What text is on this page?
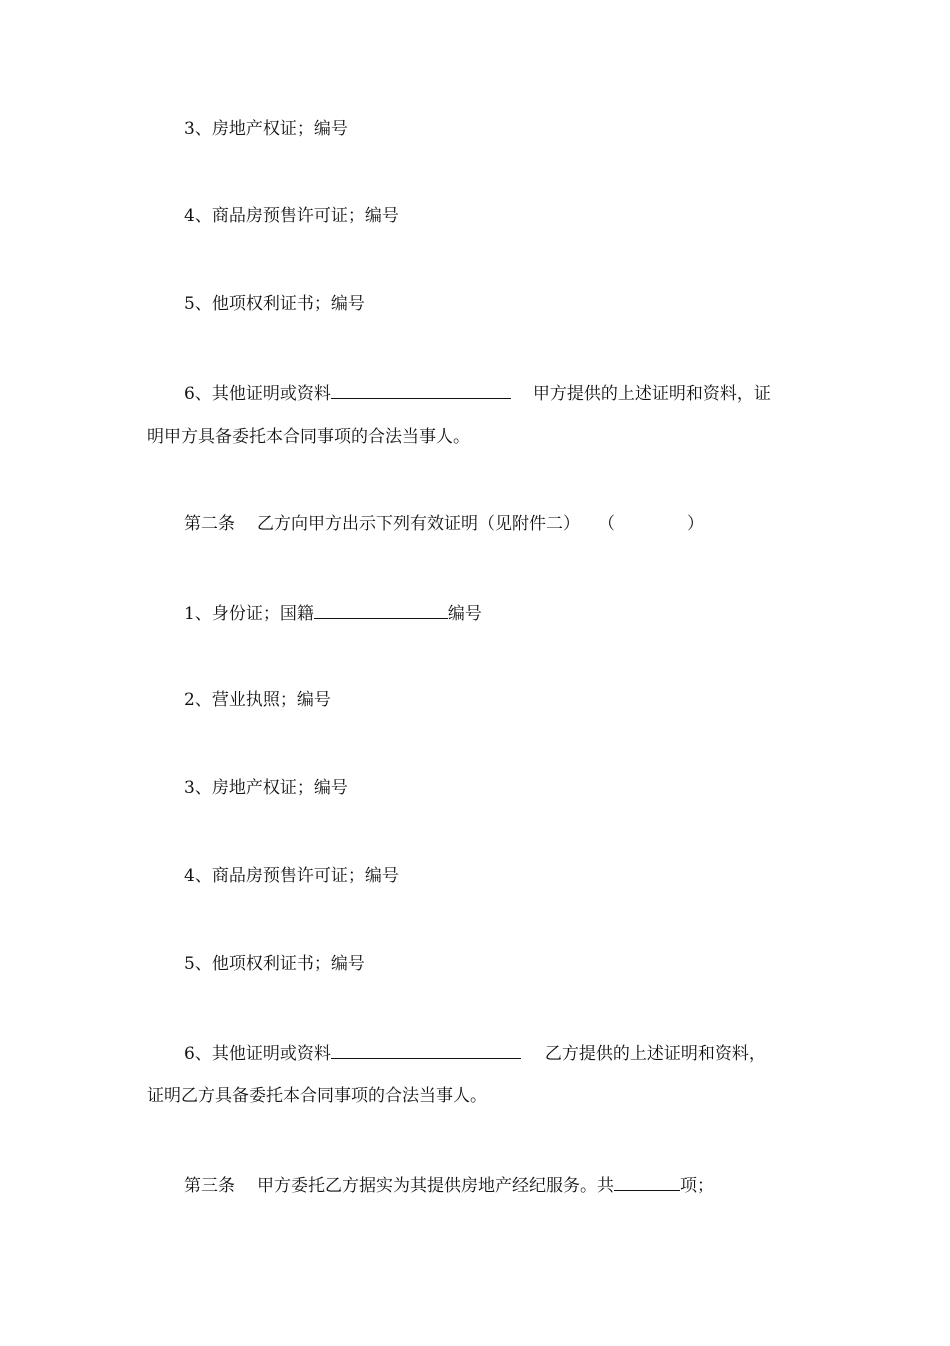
3、房地产权证；编号
4、商品房预售许可证；编号
5、他项权利证书；编号
6、其他证明或资料	甲方提供的上述证明和资料，证
明甲方具备委托本合同事项的合法当事人。
第二条 乙方向甲方出示下列有效证明（见附件二） （	）
1、身份证；国籍	编号
2、营业执照；编号
3、房地产权证；编号
4、商品房预售许可证；编号
5、他项权利证书；编号
6、其他证明或资料	乙方提供的上述证明和资料，
证明乙方具备委托本合同事项的合法当事人。
第三条 甲方委托乙方据实为其提供房地产经纪服务。共	项；
